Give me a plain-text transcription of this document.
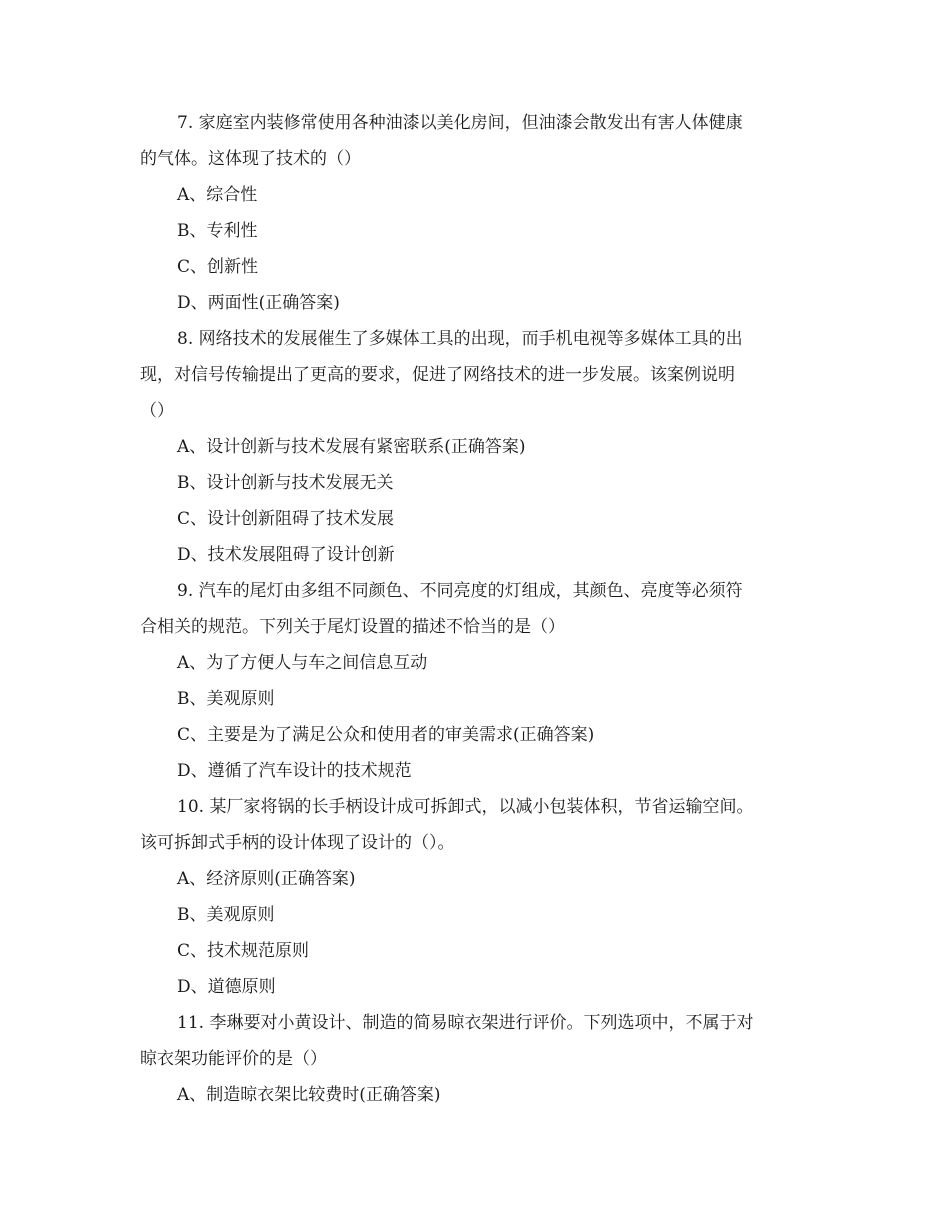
7. 家庭室内装修常使用各种油漆以美化房间，但油漆会散发出有害人体健康
的气体。这体现了技术的（）
A、综合性
B、专利性
C、创新性
D、两面性(正确答案)
8. 网络技术的发展催生了多媒体工具的出现，而手机电视等多媒体工具的出
现，对信号传输提出了更高的要求，促进了网络技术的进一步发展。该案例说明
（）
A、设计创新与技术发展有紧密联系(正确答案)
B、设计创新与技术发展无关
C、设计创新阻碍了技术发展
D、技术发展阻碍了设计创新
9. 汽车的尾灯由多组不同颜色、不同亮度的灯组成，其颜色、亮度等必须符
合相关的规范。下列关于尾灯设置的描述不恰当的是（）
A、为了方便人与车之间信息互动
B、美观原则
C、主要是为了满足公众和使用者的审美需求(正确答案)
D、遵循了汽车设计的技术规范
10. 某厂家将锅的长手柄设计成可拆卸式，以减小包装体积，节省运输空间。
该可拆卸式手柄的设计体现了设计的（）。
A、经济原则(正确答案)
B、美观原则
C、技术规范原则
D、道德原则
11. 李琳要对小黄设计、制造的简易晾衣架进行评价。下列选项中，不属于对
晾衣架功能评价的是（）
A、制造晾衣架比较费时(正确答案)
